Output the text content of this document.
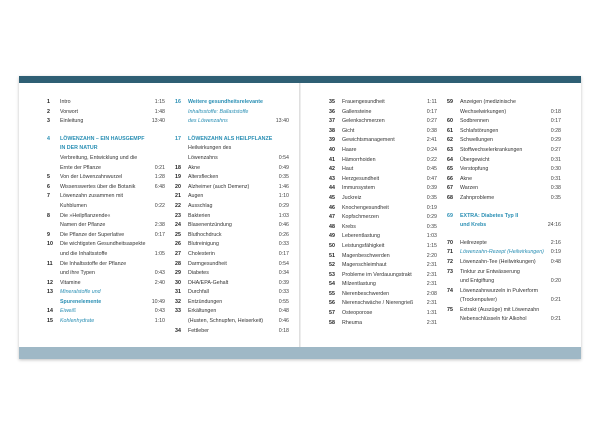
1	Intro	1:15
2	Vorwort	1:48
3	Einleitung	13:40
4	LÖWENZAHN – EIN HAUSGEMPF
IN DER NATUR
Verbreitung, Entwicklung und die
Ernte der Pflanze	0:21
5	Von der Löwenzahnwurzel	1:28
6	Wissenswertes über die Botanik	6:48
7	Löwenzahn zusammen mit
Kuhblumen	0:22
8	Die »Heilpflanzende«
Namen der Pflanze	2:38
9	Die Pflanze der Superlative	0:17
10	Die wichtigsten Gesundheitsaspekte
und die Inhaltsstoffe	1:05
11	Die Inhaltsstoffe der Pflanze
und ihre Typen	0:43
12	Vitamine	2:40
13	Mineralstoffe und
Spurenelemente	10:49
14	Eiweiß	0:43
15	Kohlenhydrate	1:10
16	Weitere gesundheitsrelevante
Inhaltsstoffe: Ballaststoffe
des Löwenzahns	13:40
17	LÖWENZAHN ALS HEILPFLANZE
Heilwirkungen des
Löwenzahns	0:54
18	Akne	0:49
19	Altersflecken	0:35
20	Alzheimer (auch Demenz)	1:46
21	Augen	1:10
22	Ausschlag	0:29
23	Bakterien	1:03
24	Blasenentzündung	0:46
25	Bluthochdruck	0:26
26	Blutreinigung	0:33
27	Cholesterin	0:17
28	Darmgesundheit	0:54
29	Diabetes	0:34
30	DHA/EPA-Gehalt	0:39
31	Durchfall	0:33
32	Entzündungen	0:55
33	Erkältungen	0:48
(Husten, Schnupfen, Heiserkeit)	0:46
34	Fettleber	0:18
35	Frauengesundheit	1:11
36	Gallensteine	0:17
37	Gelenkschmerzen	0:27
38	Gicht	0:38
39	Gewichtsmanagement	2:41
40	Haare	0:24
41	Hämorrhoiden	0:22
42	Haut	0:45
43	Herzgesundheit	0:47
44	Immunsystem	0:39
45	Juckreiz	0:35
46	Knochengesundheit	0:19
47	Kopfschmerzen	0:29
48	Krebs	0:35
49	Leberentlastung	1:03
50	Leistungsfähigkeit	1:15
51	Magenbeschwerden	2:20
52	Magenschleimhaut	2:31
53	Probleme im Verdauungstrakt	2:31
54	Milzentlastung	2:31
55	Nierenbeschwerden	2:08
56	Nierenschwäche / Nierengrieß	2:31
57	Osteoporose	1:31
58	Rheuma	2:31
59	Anzeigen (medizinische
Wechselwirkungen)	0:18
60	Sodbrennen	0:17
61	Schlafstörungen	0:28
62	Schwellungen	0:29
63	Stoffwechselerkrankungen	0:27
64	Übergewicht	0:31
65	Verstopfung	0:30
66	Akne	0:31
67	Warzen	0:38
68	Zahnprobleme	0:35
69	EXTRA: Diabetes Typ II
und Krebs	24:16
70	Heilrezepte	2:16
71	Löwenzahn-Rezept (Heilwirkungen) 0:19
72	Löwenzahn-Tee (Heilwirkungen)	0:48
73	Tinktur zur Entwässerung
und Entgiftung	0:20
74	Löwenzahnwurzeln in Pulverform
(Trockenpulver)	0:21
75	Extrakt (Auszüge) mit Löwenzahn
Nebenschlüsseln für Alkohol	0:21
